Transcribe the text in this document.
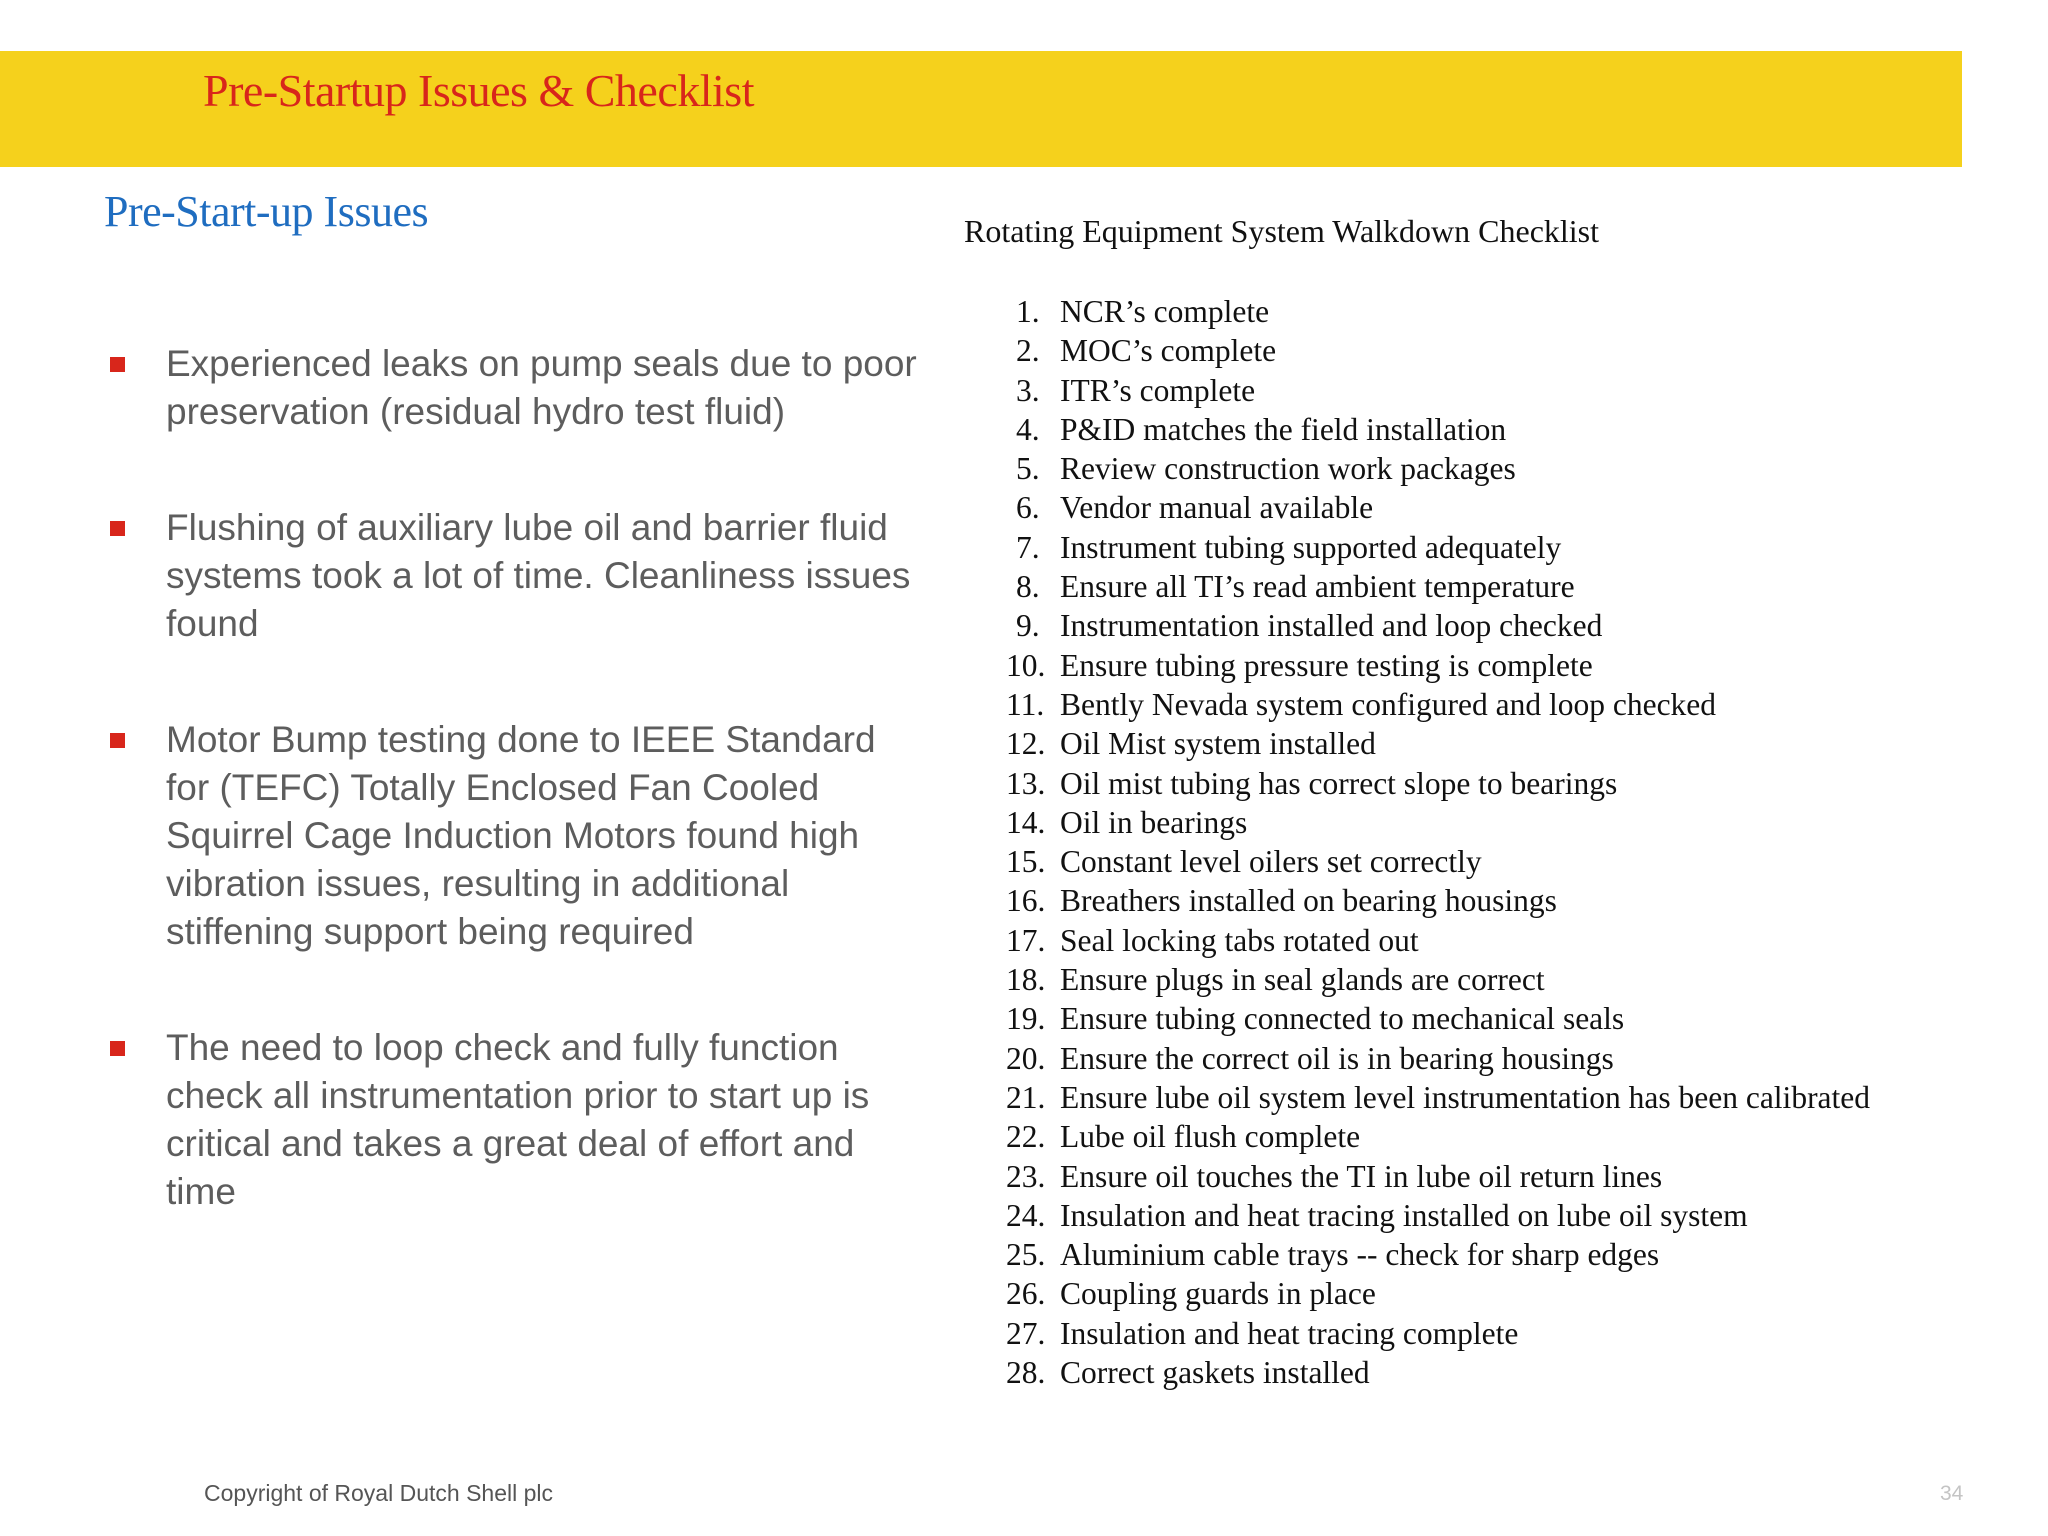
Pre-Startup Issues & Checklist
Pre-Start-up Issues
Experienced leaks on pump seals due to poor preservation (residual hydro test fluid)
Flushing of auxiliary lube oil and barrier fluid systems took a lot of time. Cleanliness issues found
Motor Bump testing done to IEEE Standard for (TEFC) Totally Enclosed Fan Cooled Squirrel Cage Induction Motors found high vibration issues, resulting in additional stiffening support being required
The need to loop check and fully function check all instrumentation prior to start up is critical and takes a great deal of effort and time
Rotating Equipment System Walkdown Checklist
1. NCR’s complete
2. MOC’s complete
3. ITR’s complete
4. P&ID matches the field installation
5. Review construction work packages
6. Vendor manual available
7. Instrument tubing supported adequately
8. Ensure all TI’s read ambient temperature
9. Instrumentation installed and loop checked
10. Ensure tubing pressure testing is complete
11. Bently Nevada system configured and loop checked
12. Oil Mist system installed
13. Oil mist tubing has correct slope to bearings
14. Oil in bearings
15. Constant level oilers set correctly
16. Breathers installed on bearing housings
17. Seal locking tabs rotated out
18. Ensure plugs in seal glands are correct
19. Ensure tubing connected to mechanical seals
20. Ensure the correct oil is in bearing housings
21. Ensure lube oil system level instrumentation has been calibrated
22. Lube oil flush complete
23. Ensure oil touches the TI in lube oil return lines
24. Insulation and heat tracing installed on lube oil system
25. Aluminium cable trays -- check for sharp edges
26. Coupling guards in place
27. Insulation and heat tracing complete
28. Correct gaskets installed
Copyright of Royal Dutch Shell plc	34
